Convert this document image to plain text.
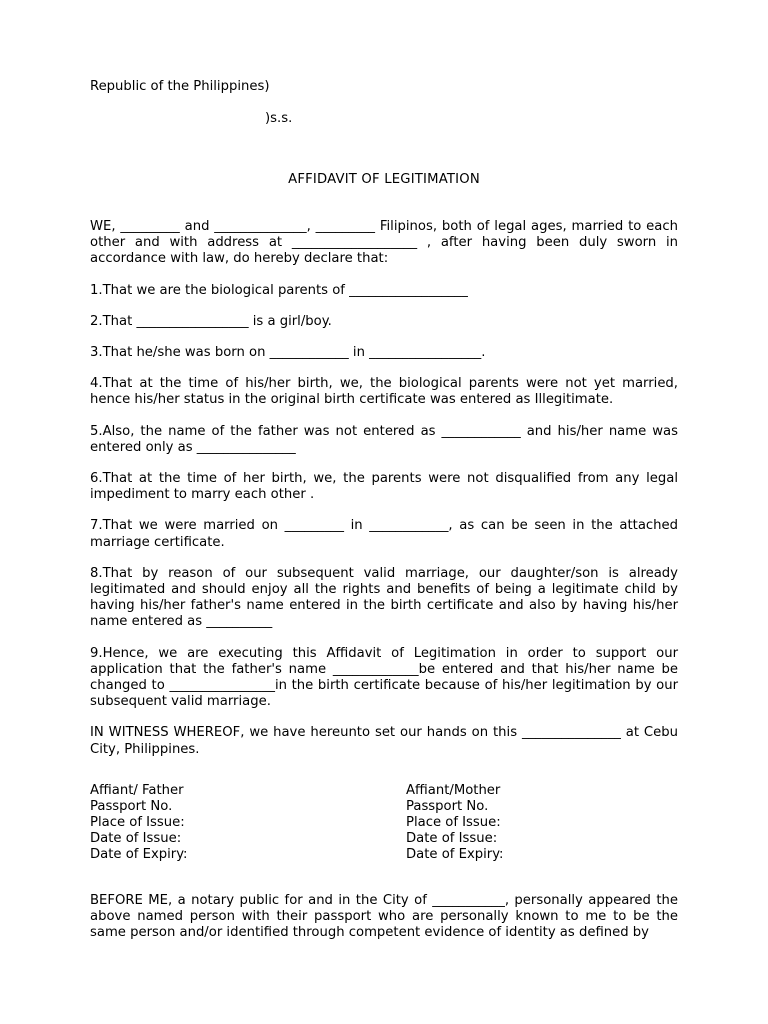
Republic of the Philippines)
)s.s.
AFFIDAVIT OF LEGITIMATION

WE, _________ and ______________, _________ Filipinos, both of legal ages, married to each other and with address at ___________________ , after having been duly sworn in accordance with law, do hereby declare that:

1.That we are the biological parents of __________________

2.That _________________ is a girl/boy.

3.That he/she was born on ____________ in _________________.

4.That at the time of his/her birth, we, the biological parents were not yet married, hence his/her status in the original birth certificate was entered as Illegitimate.

5.Also, the name of the father was not entered as ____________ and his/her name was entered only as _______________

6.That at the time of her birth, we, the parents were not disqualified from any legal impediment to marry each other .

7.That we were married on _________ in ____________, as can be seen in the attached marriage certificate.

8.That by reason of our subsequent valid marriage, our daughter/son is already legitimated and should enjoy all the rights and benefits of being a legitimate child by having his/her father's name entered in the birth certificate and also by having his/her name entered as __________

9.Hence, we are executing this Affidavit of Legitimation in order to support our application that the father's name _____________be entered and that his/her name be changed to ________________in the birth certificate because of his/her legitimation by our subsequent valid marriage.

IN WITNESS WHEREOF, we have hereunto set our hands on this _______________ at Cebu City, Philippines.

Affiant/ Father
Passport No.
Place of Issue:
Date of Issue:
Date of Expiry:
Affiant/Mother
Passport No.
Place of Issue:
Date of Issue:
Date of Expiry:

BEFORE ME, a notary public for and in the City of ___________, personally appeared the above named person with their passport who are personally known to me to be the same person and/or identified through competent evidence of identity as defined by
